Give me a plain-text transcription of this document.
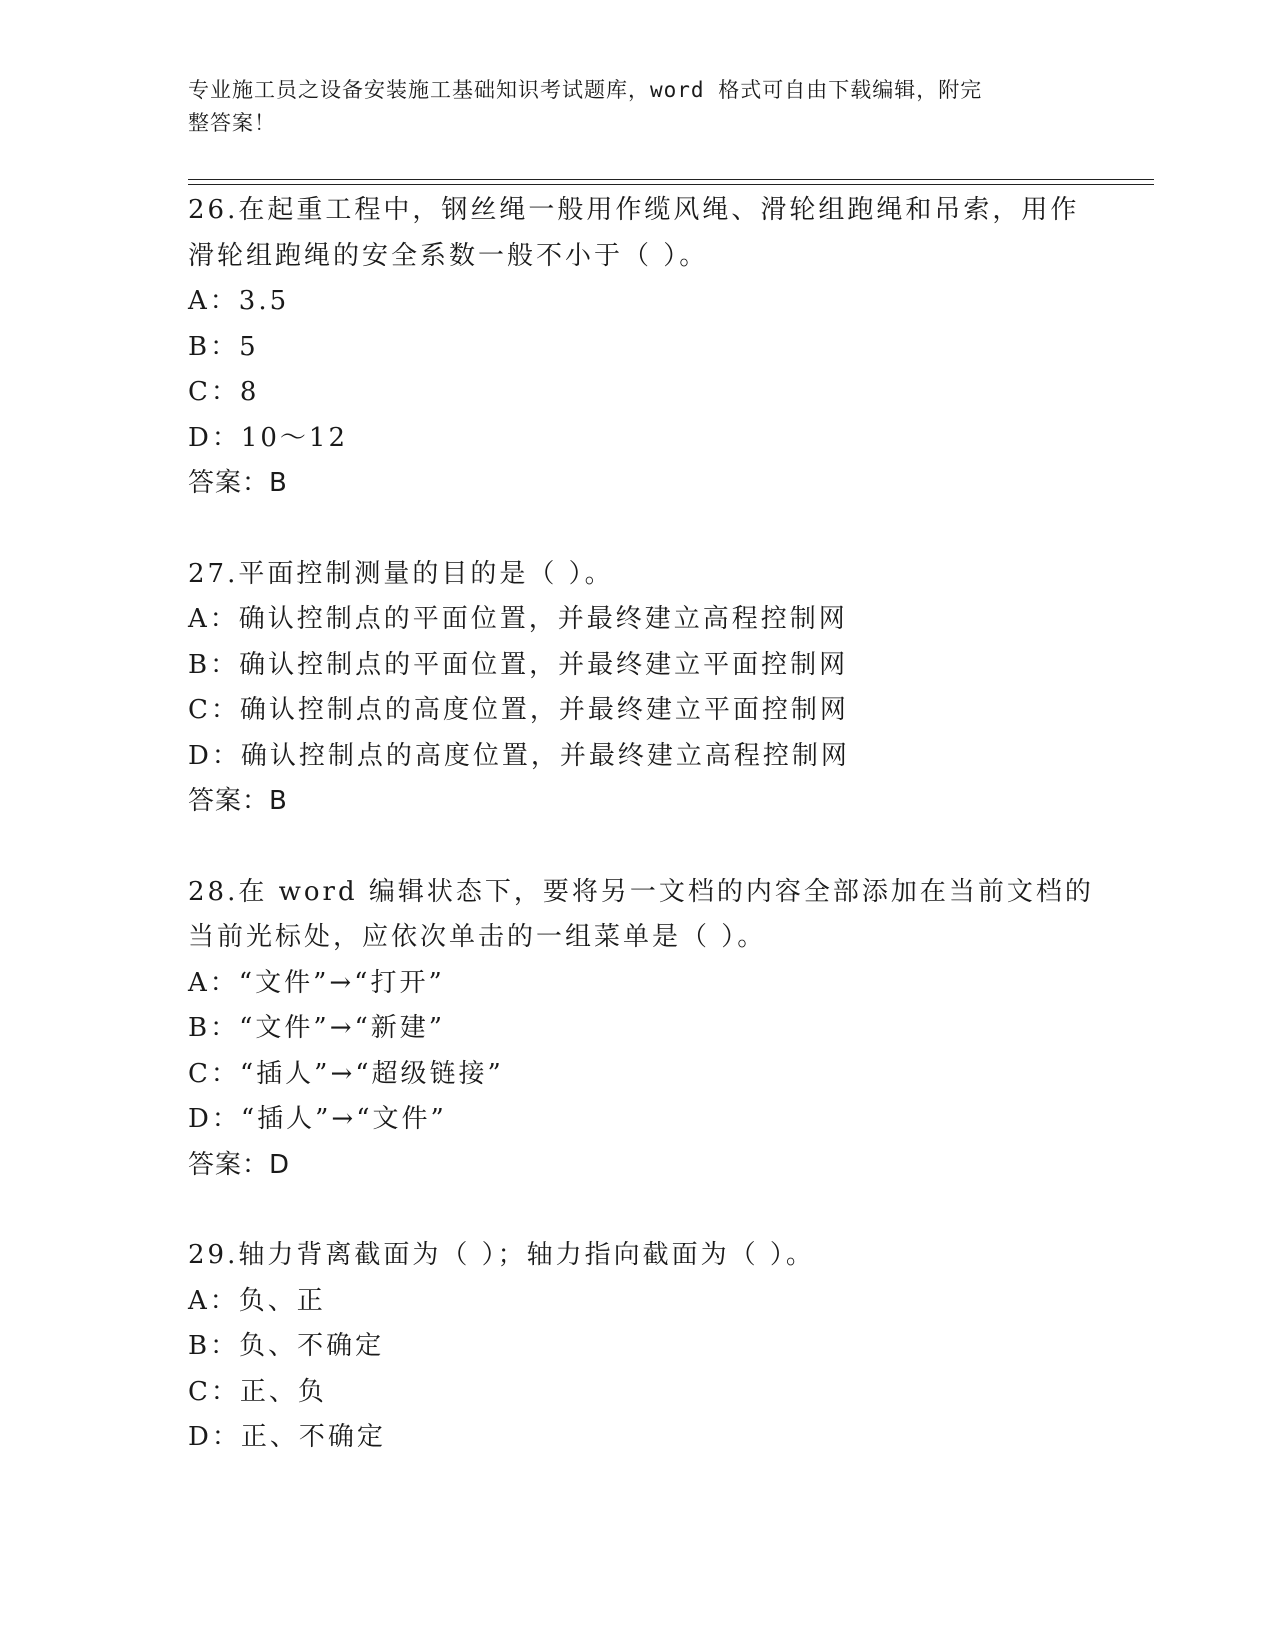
专业施工员之设备安装施工基础知识考试题库，word 格式可自由下载编辑，附完
整答案！
26.在起重工程中，钢丝绳一般用作缆风绳、滑轮组跑绳和吊索，用作
滑轮组跑绳的安全系数一般不小于（ ）。
A：3.5
B：5
C：8
D：10～12
答案：B
27.平面控制测量的目的是（ ）。
A：确认控制点的平面位置，并最终建立高程控制网
B：确认控制点的平面位置，并最终建立平面控制网
C：确认控制点的高度位置，并最终建立平面控制网
D：确认控制点的高度位置，并最终建立高程控制网
答案：B
28.在 word 编辑状态下，要将另一文档的内容全部添加在当前文档的
当前光标处，应依次单击的一组菜单是（ ）。
A：“文件”→“打开”
B：“文件”→“新建”
C：“插人”→“超级链接”
D：“插人”→“文件”
答案：D
29.轴力背离截面为（ ）；轴力指向截面为（ ）。
A：负、正
B：负、不确定
C：正、负
D：正、不确定
